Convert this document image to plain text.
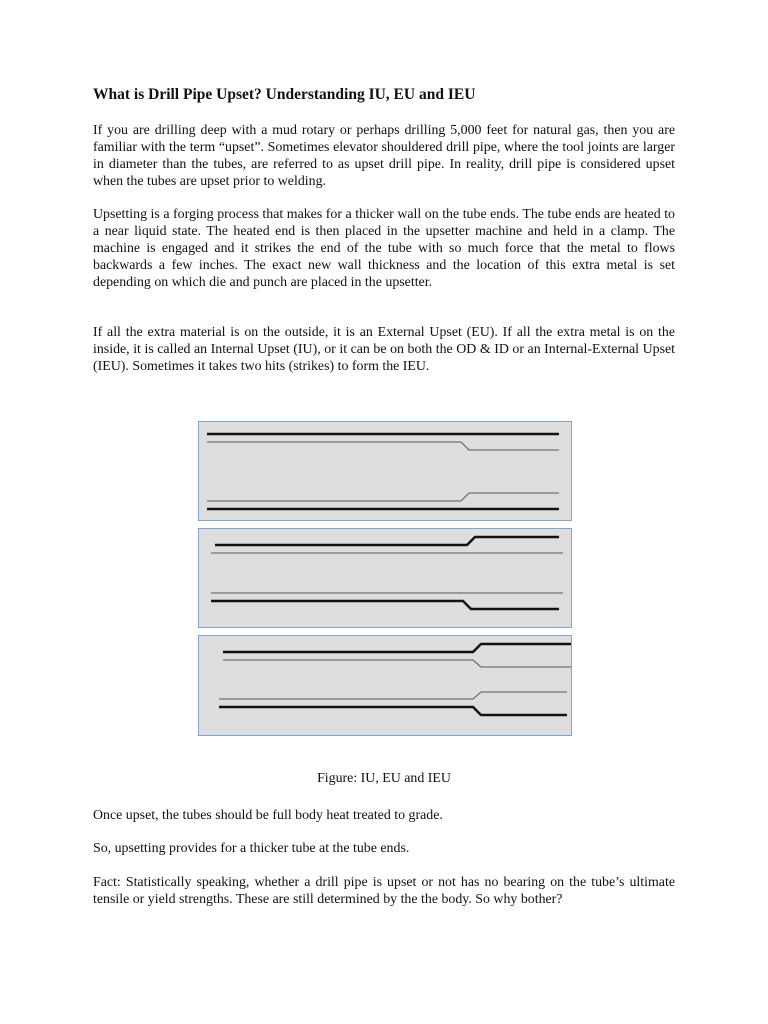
What is Drill Pipe Upset? Understanding IU, EU and IEU

If you are drilling deep with a mud rotary or perhaps drilling 5,000 feet for natural gas, then you are familiar with the term “upset”. Sometimes elevator shouldered drill pipe, where the tool joints are larger in diameter than the tubes, are referred to as upset drill pipe. In reality, drill pipe is considered upset when the tubes are upset prior to welding.

Upsetting is a forging process that makes for a thicker wall on the tube ends. The tube ends are heated to a near liquid state. The heated end is then placed in the upsetter machine and held in a clamp. The machine is engaged and it strikes the end of the tube with so much force that the metal to flows backwards a few inches. The exact new wall thickness and the location of this extra metal is set depending on which die and punch are placed in the upsetter.

If all the extra material is on the outside, it is an External Upset (EU). If all the extra metal is on the inside, it is called an Internal Upset (IU), or it can be on both the OD & ID or an Internal-External Upset (IEU). Sometimes it takes two hits (strikes) to form the IEU.

Figure: IU, EU and IEU

Once upset, the tubes should be full body heat treated to grade.

So, upsetting provides for a thicker tube at the tube ends.

Fact: Statistically speaking, whether a drill pipe is upset or not has no bearing on the tube’s ultimate tensile or yield strengths. These are still determined by the the body. So why bother?
